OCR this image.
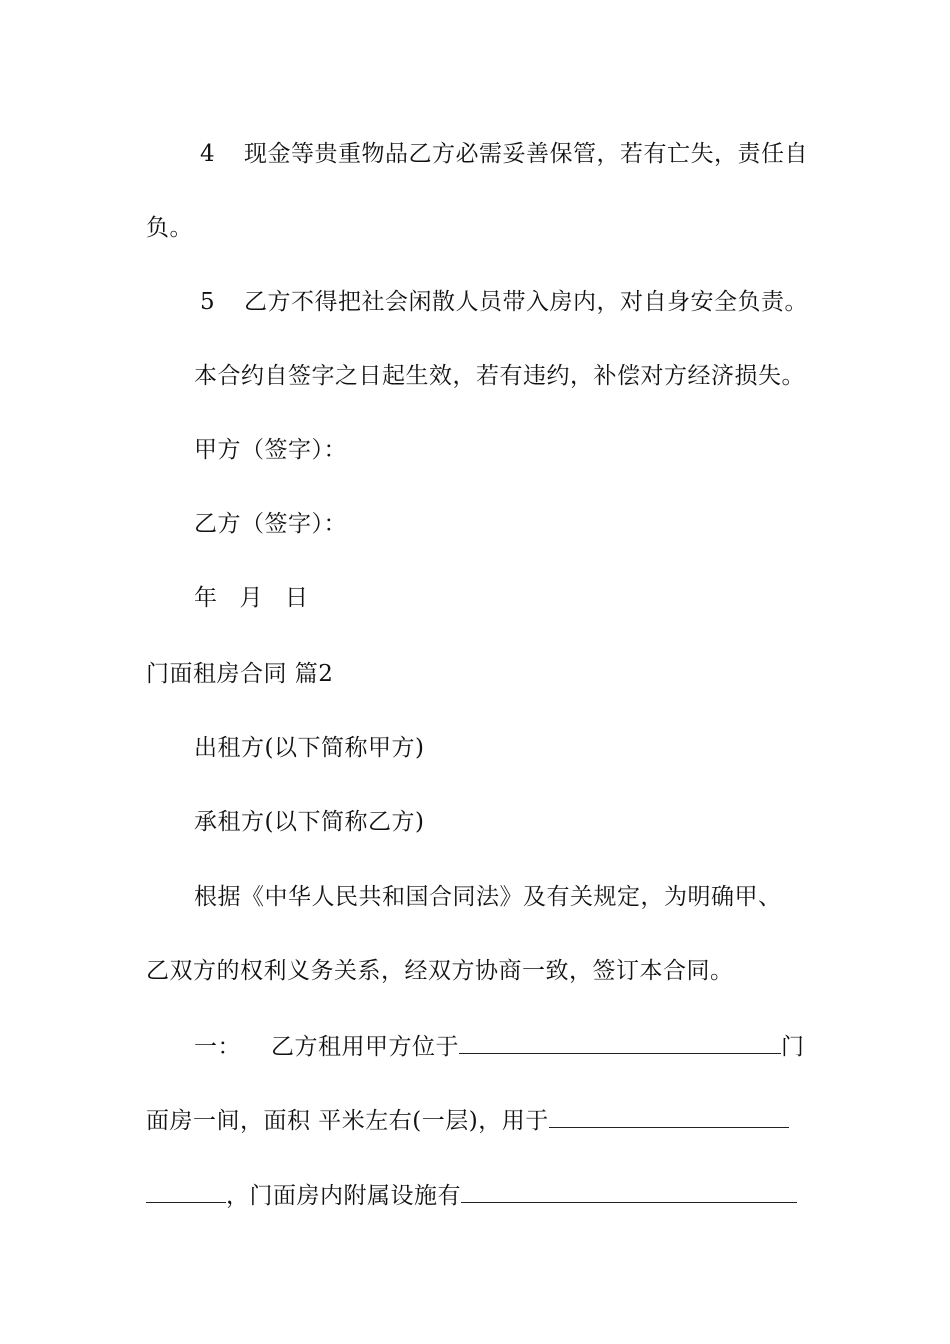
4 现金等贵重物品乙方必需妥善保管，若有亡失，责任自
负。
5 乙方不得把社会闲散人员带入房内，对自身安全负责。
本合约自签字之日起生效，若有违约，补偿对方经济损失。
甲方（签字）：
乙方（签字）：
年 月 日
门面租房合同 篇2
出租方(以下简称甲方)
承租方(以下简称乙方)
根据《中华人民共和国合同法》及有关规定，为明确甲、
乙双方的权利义务关系，经双方协商一致，签订本合同。
一： 乙方租用甲方位于	门
面房一间，面积 平米左右(一层)，用于
，门面房内附属设施有
